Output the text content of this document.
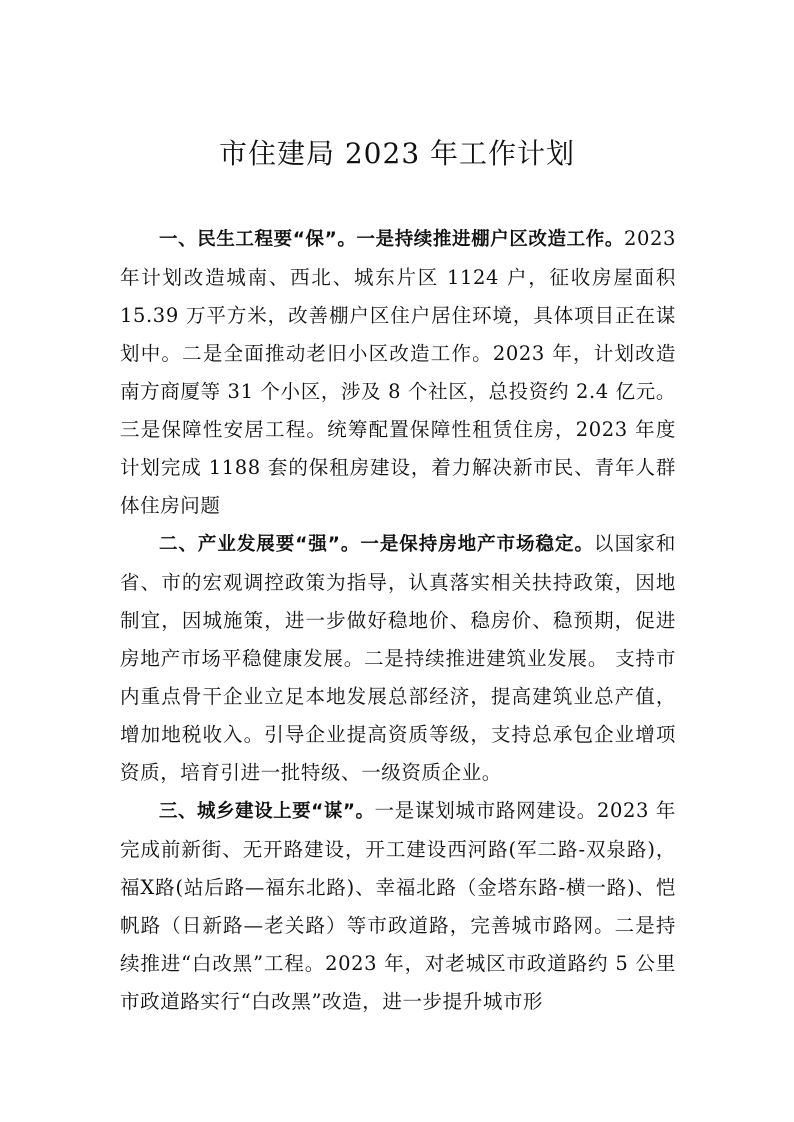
市住建局 2023 年工作计划

一、民生工程要“保”。一是持续推进棚户区改造工作。2023 年计划改造城南、西北、城东片区 1124 户，征收房屋面积 15.39 万平方米，改善棚户区住户居住环境，具体项目正在谋划中。二是全面推动老旧小区改造工作。2023 年，计划改造南方商厦等 31 个小区，涉及 8 个社区，总投资约 2.4 亿元。三是保障性安居工程。统筹配置保障性租赁住房，2023 年度计划完成 1188 套的保租房建设，着力解决新市民、青年人群体住房问题

二、产业发展要“强”。一是保持房地产市场稳定。以国家和省、市的宏观调控政策为指导，认真落实相关扶持政策，因地制宜，因城施策，进一步做好稳地价、稳房价、稳预期，促进房地产市场平稳健康发展。二是持续推进建筑业发展。 支持市内重点骨干企业立足本地发展总部经济，提高建筑业总产值，增加地税收入。引导企业提高资质等级，支持总承包企业增项资质，培育引进一批特级、一级资质企业。

三、城乡建设上要“谋”。一是谋划城市路网建设。2023 年完成前新街、无开路建设，开工建设西河路(军二路-双泉路)，福X路(站后路—福东北路)、幸福北路（金塔东路-横一路)、恺帆路（日新路—老关路）等市政道路，完善城市路网。二是持续推进“白改黑”工程。2023 年，对老城区市政道路约 5 公里市政道路实行“白改黑”改造，进一步提升城市形
